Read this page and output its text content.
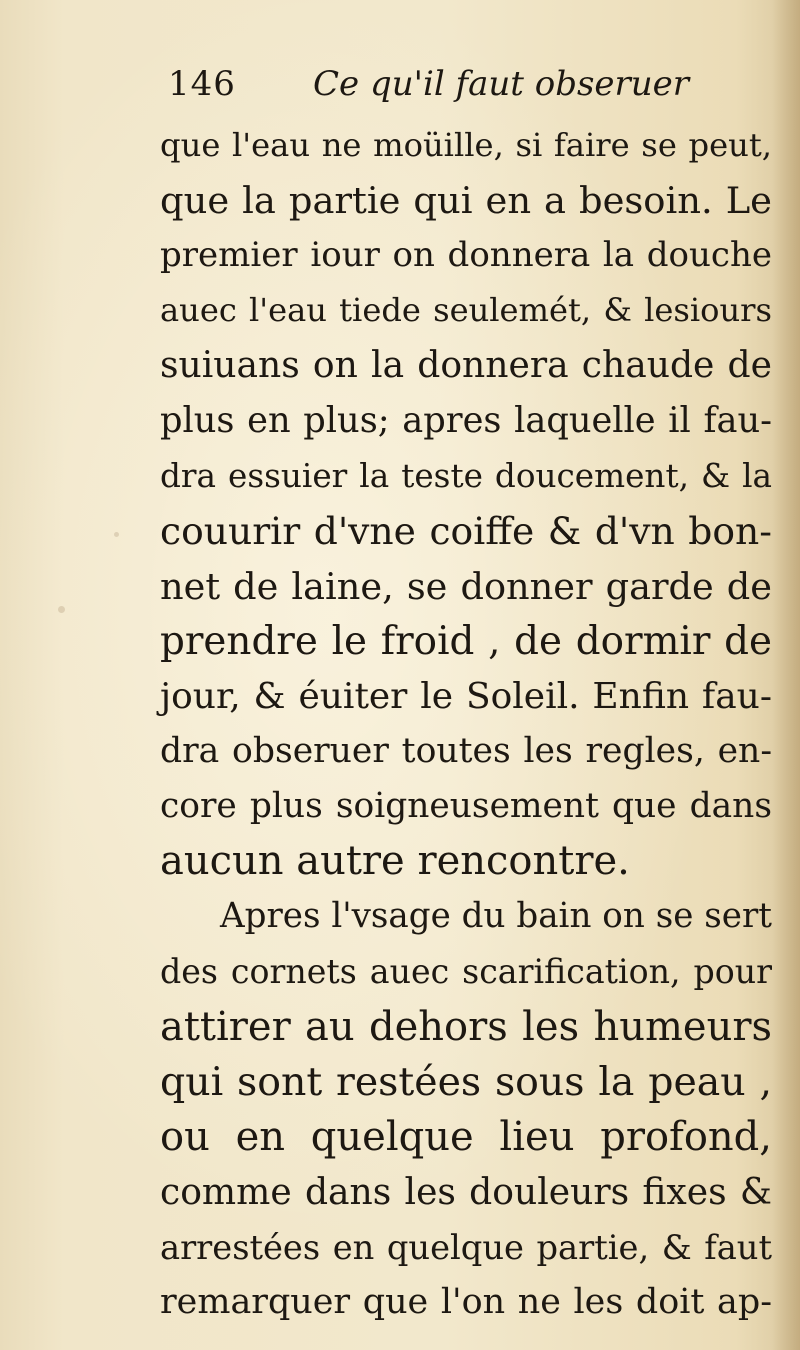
146 Ce qu'il faut obseruer
que l'eau ne moüille, si faire se peut,
que la partie qui en a besoin. Le
premier iour on donnera la douche
auec l'eau tiede seulemét, & lesiours
suiuans on la donnera chaude de
plus en plus; apres laquelle il fau-
dra essuier la teste doucement, & la
couurir d'vne coiffe & d'vn bon-
net de laine, se donner garde de
prendre le froid , de dormir de
jour, & éuiter le Soleil. Enfin fau-
dra obseruer toutes les regles, en-
core plus soigneusement que dans
aucun autre rencontre.
Apres l'vsage du bain on se sert
des cornets auec scarification, pour
attirer au dehors les humeurs
qui sont restées sous la peau ,
ou en quelque lieu profond,
comme dans les douleurs fixes &
arrestées en quelque partie, & faut
remarquer que l'on ne les doit ap-
